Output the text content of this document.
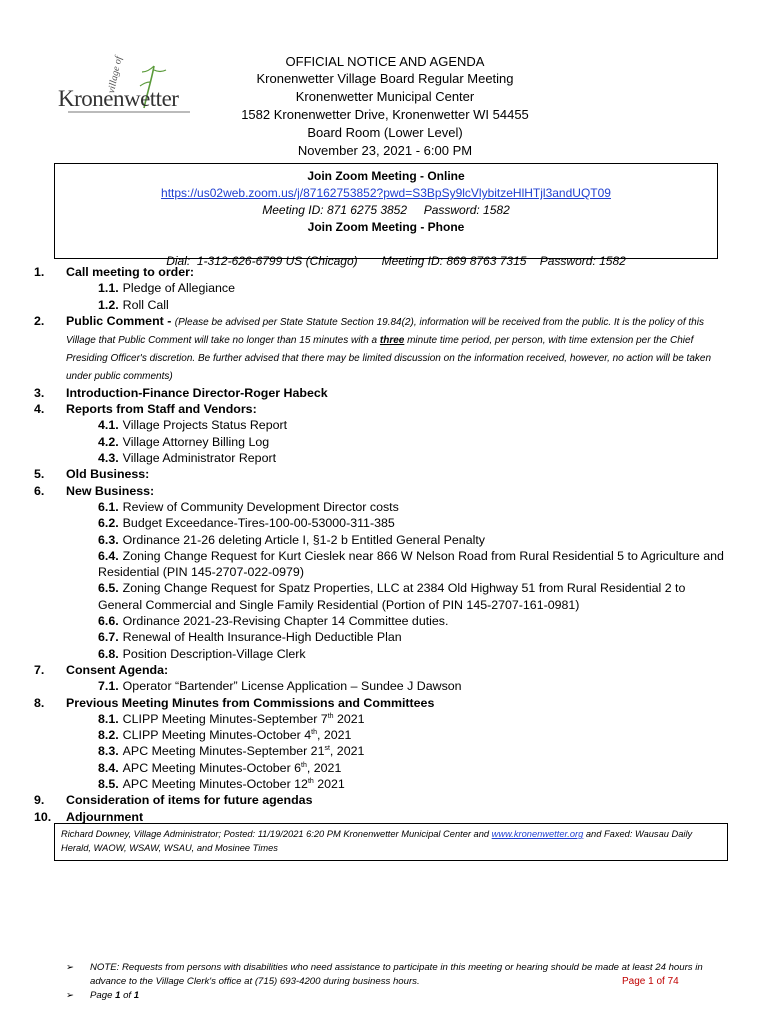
village of
Kronenwetter
OFFICIAL NOTICE AND AGENDA
Kronenwetter Village Board Regular Meeting
Kronenwetter Municipal Center
1582 Kronenwetter Drive, Kronenwetter WI 54455
Board Room (Lower Level)
November 23, 2021 - 6:00 PM
Join Zoom Meeting - Online
https://us02web.zoom.us/j/87162753852?pwd=S3BpSy9lcVlybitzeHlHTjl3andUQT09
Meeting ID: 871 6275 3852     Password: 1582
Join Zoom Meeting - Phone

Dial:  1-312-626-6799 US (Chicago) Meeting ID: 869 8763 7315    Password: 1582

1. Call meeting to order:
1.1. Pledge of Allegiance
1.2. Roll Call
2. Public Comment - (Please be advised per State Statute Section 19.84(2), information will be received from the public. It is the policy of this Village that Public Comment will take no longer than 15 minutes with a three minute time period, per person, with time extension per the Chief Presiding Officer's discretion. Be further advised that there may be limited discussion on the information received, however, no action will be taken under public comments)
3. Introduction-Finance Director-Roger Habeck
4. Reports from Staff and Vendors:
4.1. Village Projects Status Report
4.2. Village Attorney Billing Log
4.3. Village Administrator Report
5. Old Business:
6. New Business:
6.1. Review of Community Development Director costs
6.2. Budget Exceedance-Tires-100-00-53000-311-385
6.3. Ordinance 21-26 deleting Article I, §1-2 b Entitled General Penalty
6.4. Zoning Change Request for Kurt Cieslek near 866 W Nelson Road from Rural Residential 5 to Agriculture and Residential (PIN 145-2707-022-0979)
6.5. Zoning Change Request for Spatz Properties, LLC at 2384 Old Highway 51 from Rural Residential 2 to General Commercial and Single Family Residential (Portion of PIN 145-2707-161-0981)
6.6. Ordinance 2021-23-Revising Chapter 14 Committee duties.
6.7. Renewal of Health Insurance-High Deductible Plan
6.8. Position Description-Village Clerk
7. Consent Agenda:
7.1. Operator “Bartender” License Application – Sundee J Dawson
8. Previous Meeting Minutes from Commissions and Committees
8.1. CLIPP Meeting Minutes-September 7th 2021
8.2. CLIPP Meeting Minutes-October 4th, 2021
8.3. APC Meeting Minutes-September 21st, 2021
8.4. APC Meeting Minutes-October 6th, 2021
8.5. APC Meeting Minutes-October 12th 2021
9. Consideration of items for future agendas
10. Adjournment
Richard Downey, Village Administrator; Posted: 11/19/2021 6:20 PM Kronenwetter Municipal Center and www.kronenwetter.org and Faxed: Wausau Daily Herald, WAOW, WSAW, WSAU, and Mosinee Times
➢ NOTE: Requests from persons with disabilities who need assistance to participate in this meeting or hearing should be made at least 24 hours in
advance to the Village Clerk's office at (715) 693-4200 during business hours.
➢ Page 1 of 1
Page 1 of 74
